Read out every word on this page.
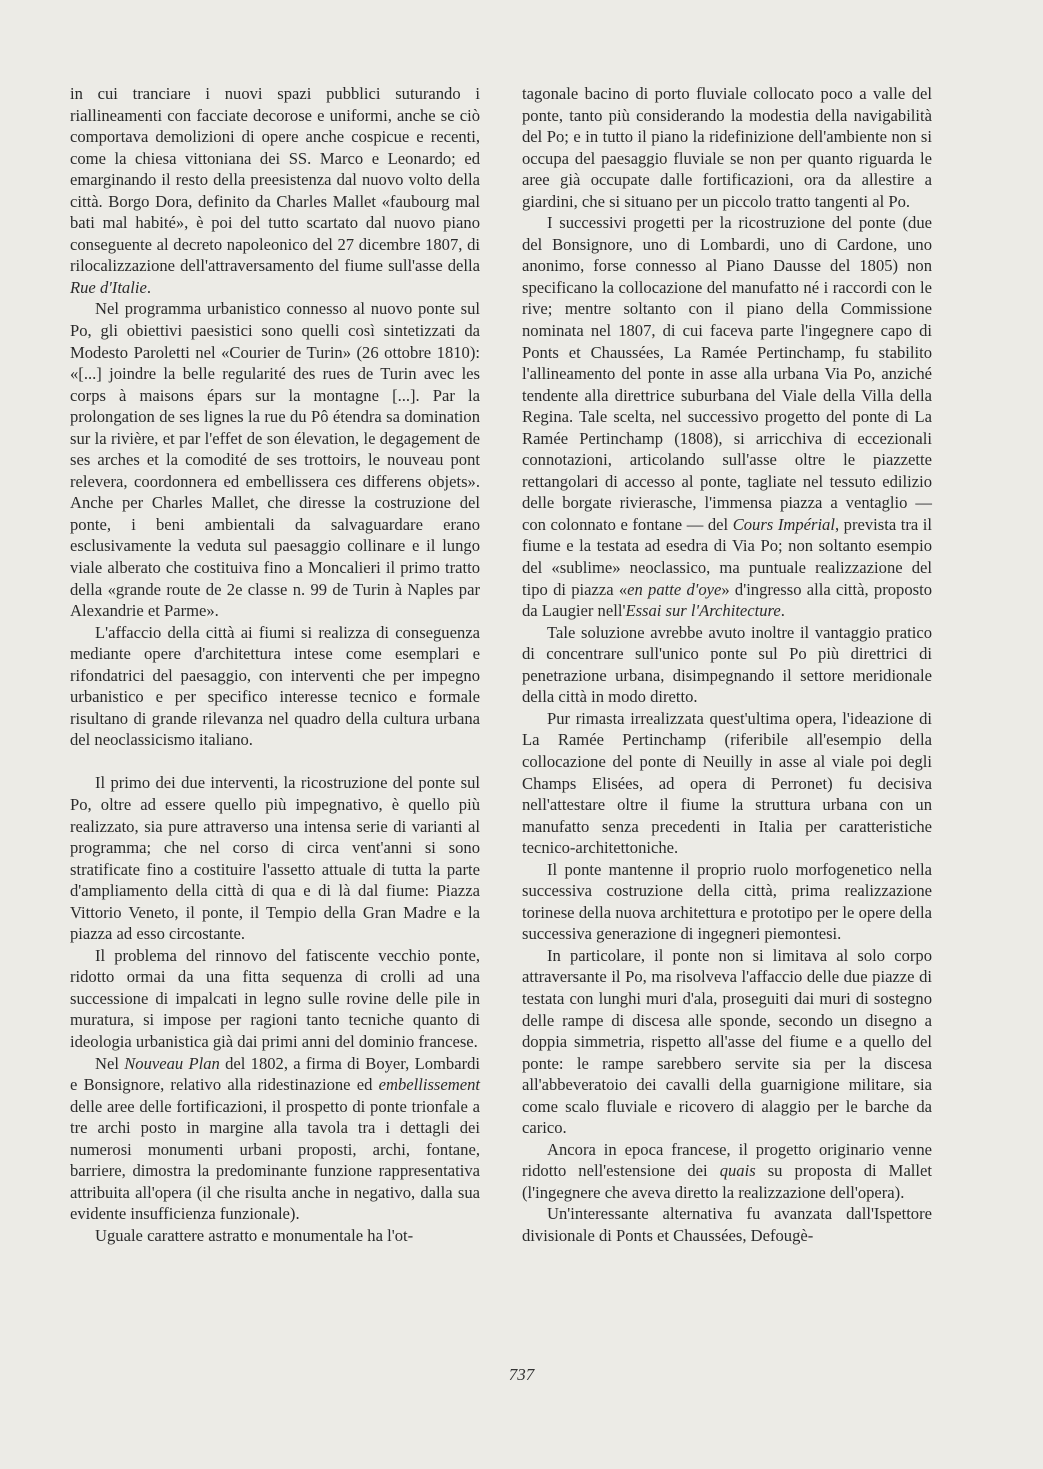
in cui tranciare i nuovi spazi pubblici suturando i riallineamenti con facciate decorose e uniformi, anche se ciò comportava demolizioni di opere anche cospicue e recenti, come la chiesa vittoniana dei SS. Marco e Leonardo; ed emarginando il resto della preesistenza dal nuovo volto della città. Borgo Dora, definito da Charles Mallet «faubourg mal bati mal habité», è poi del tutto scartato dal nuovo piano conseguente al decreto napoleonico del 27 dicembre 1807, di rilocalizzazione dell'attraversamento del fiume sull'asse della Rue d'Italie.

Nel programma urbanistico connesso al nuovo ponte sul Po, gli obiettivi paesistici sono quelli così sintetizzati da Modesto Paroletti nel «Courier de Turin» (26 ottobre 1810): «[...] joindre la belle regularité des rues de Turin avec les corps à maisons épars sur la montagne [...]. Par la prolongation de ses lignes la rue du Pô étendra sa domination sur la rivière, et par l'effet de son élevation, le degagement de ses arches et la comodité de ses trottoirs, le nouveau pont relevera, coordonnera ed embellissera ces differens objets». Anche per Charles Mallet, che diresse la costruzione del ponte, i beni ambientali da salvaguardare erano esclusivamente la veduta sul paesaggio collinare e il lungo viale alberato che costituiva fino a Moncalieri il primo tratto della «grande route de 2e classe n. 99 de Turin à Naples par Alexandrie et Parme».

L'affaccio della città ai fiumi si realizza di conseguenza mediante opere d'architettura intese come esemplari e rifondatrici del paesaggio, con interventi che per impegno urbanistico e per specifico interesse tecnico e formale risultano di grande rilevanza nel quadro della cultura urbana del neoclassicismo italiano.

Il primo dei due interventi, la ricostruzione del ponte sul Po, oltre ad essere quello più impegnativo, è quello più realizzato, sia pure attraverso una intensa serie di varianti al programma; che nel corso di circa vent'anni si sono stratificate fino a costituire l'assetto attuale di tutta la parte d'ampliamento della città di qua e di là dal fiume: Piazza Vittorio Veneto, il ponte, il Tempio della Gran Madre e la piazza ad esso circostante.

Il problema del rinnovo del fatiscente vecchio ponte, ridotto ormai da una fitta sequenza di crolli ad una successione di impalcati in legno sulle rovine delle pile in muratura, si impose per ragioni tanto tecniche quanto di ideologia urbanistica già dai primi anni del dominio francese.

Nel Nouveau Plan del 1802, a firma di Boyer, Lombardi e Bonsignore, relativo alla ridestinazione ed embellissement delle aree delle fortificazioni, il prospetto di ponte trionfale a tre archi posto in margine alla tavola tra i dettagli dei numerosi monumenti urbani proposti, archi, fontane, barriere, dimostra la predominante funzione rappresentativa attribuita all'opera (il che risulta anche in negativo, dalla sua evidente insufficienza funzionale).

Uguale carattere astratto e monumentale ha l'ot-

tagonale bacino di porto fluviale collocato poco a valle del ponte, tanto più considerando la modestia della navigabilità del Po; e in tutto il piano la ridefinizione dell'ambiente non si occupa del paesaggio fluviale se non per quanto riguarda le aree già occupate dalle fortificazioni, ora da allestire a giardini, che si situano per un piccolo tratto tangenti al Po.

I successivi progetti per la ricostruzione del ponte (due del Bonsignore, uno di Lombardi, uno di Cardone, uno anonimo, forse connesso al Piano Dausse del 1805) non specificano la collocazione del manufatto né i raccordi con le rive; mentre soltanto con il piano della Commissione nominata nel 1807, di cui faceva parte l'ingegnere capo di Ponts et Chaussées, La Ramée Pertinchamp, fu stabilito l'allineamento del ponte in asse alla urbana Via Po, anziché tendente alla direttrice suburbana del Viale della Villa della Regina. Tale scelta, nel successivo progetto del ponte di La Ramée Pertinchamp (1808), si arricchiva di eccezionali connotazioni, articolando sull'asse oltre le piazzette rettangolari di accesso al ponte, tagliate nel tessuto edilizio delle borgate rivierasche, l'immensa piazza a ventaglio — con colonnato e fontane — del Cours Impérial, prevista tra il fiume e la testata ad esedra di Via Po; non soltanto esempio del «sublime» neoclassico, ma puntuale realizzazione del tipo di piazza «en patte d'oye» d'ingresso alla città, proposto da Laugier nell'Essai sur l'Architecture.

Tale soluzione avrebbe avuto inoltre il vantaggio pratico di concentrare sull'unico ponte sul Po più direttrici di penetrazione urbana, disimpegnando il settore meridionale della città in modo diretto.

Pur rimasta irrealizzata quest'ultima opera, l'ideazione di La Ramée Pertinchamp (riferibile all'esempio della collocazione del ponte di Neuilly in asse al viale poi degli Champs Elisées, ad opera di Perronet) fu decisiva nell'attestare oltre il fiume la struttura urbana con un manufatto senza precedenti in Italia per caratteristiche tecnico-architettoniche.

Il ponte mantenne il proprio ruolo morfogenetico nella successiva costruzione della città, prima realizzazione torinese della nuova architettura e prototipo per le opere della successiva generazione di ingegneri piemontesi.

In particolare, il ponte non si limitava al solo corpo attraversante il Po, ma risolveva l'affaccio delle due piazze di testata con lunghi muri d'ala, proseguiti dai muri di sostegno delle rampe di discesa alle sponde, secondo un disegno a doppia simmetria, rispetto all'asse del fiume e a quello del ponte: le rampe sarebbero servite sia per la discesa all'abbeveratoio dei cavalli della guarnigione militare, sia come scalo fluviale e ricovero di alaggio per le barche da carico.

Ancora in epoca francese, il progetto originario venne ridotto nell'estensione dei quais su proposta di Mallet (l'ingegnere che aveva diretto la realizzazione dell'opera).

Un'interessante alternativa fu avanzata dall'Ispettore divisionale di Ponts et Chaussées, Defougè-

737
